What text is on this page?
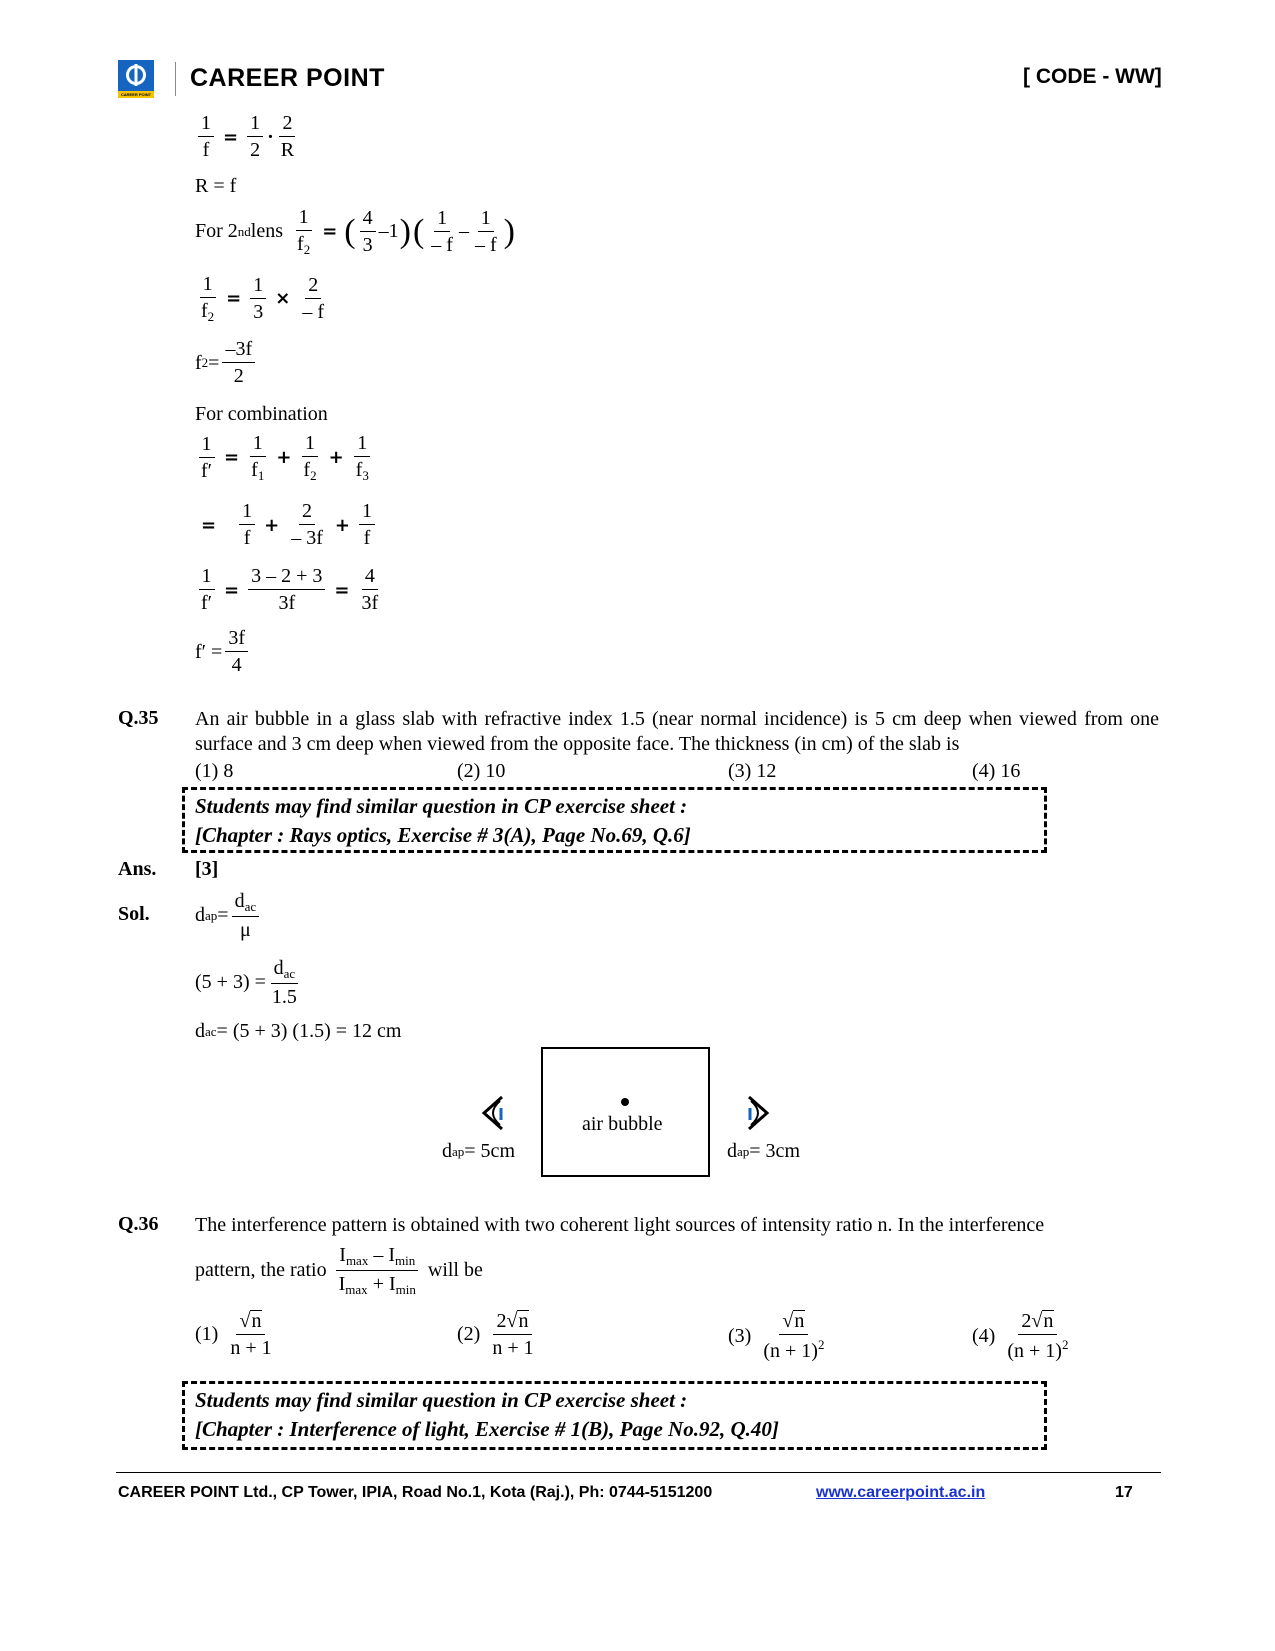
CAREER POINT
CAREER POINT	[ CODE - WW]
$\frac{1}{f} = \frac{1}{2} \cdot \frac{2}{R}$
R = f
For 2 nd lens $\frac{1}{f_2}$ = ( $\frac{4}{3} -1$ ) ( $\frac{1}{- f} - \frac{1}{- f}$ )
$\frac{1}{f_2} = \frac{1}{3} \times \frac{2}{- f}$
f $2 = \frac{-3f}{2}$
For combination
$\frac{1}{f'} = \frac{1}{f_1} + \frac{1}{f_2} + \frac{1}{f_3}$
= $\frac{1}{f} + \frac{2}{- 3f} + \frac{1}{f}$
$\frac{1}{f'} = \frac{3 - 2 + 3}{3f} = \frac{4}{3f}$
$f' = \frac{3f}{4}$
Q.35 An air bubble in a glass slab with refractive index 1.5 (near normal incidence) is 5 cm deep when viewed from one surface and 3 cm deep when viewed from the opposite face. The thickness (in cm) of the slab is
(1) 8	(2) 10	(3) 12	(4) 16
Students may find similar question in CP exercise sheet :
[Chapter : Rays optics, Exercise # 3(A), Page No.69, Q.6]
Ans. [3]
Sol. d ap = $\frac{d_{ac}}{\mu}$
$(5 + 3) = \frac{d_{ac}}{1.5}$
d ac = (5 + 3) (1.5) = 12 cm
air bubble
d ap = 5cm	d ap = 3cm
Q.36 The interference pattern is obtained with two coherent light sources of intensity ratio n. In the interference
pattern, the ratio $\frac{I_{max} - I_{min}}{I_{max} + I_{min}}$ will be
$(1) \frac{√n}{n + 1}$	$(2) \frac{2√n}{n + 1}$	$(3) \frac{√n}{(n + 1)^2}$	$(4) \frac{2√n}{(n + 1)^2}$
Students may find similar question in CP exercise sheet :
[Chapter : Interference of light, Exercise # 1(B), Page No.92, Q.40]
CAREER POINT Ltd., CP Tower, IPIA, Road No.1, Kota (Raj.), Ph: 0744-5151200	www.careerpoint.ac.in	17
